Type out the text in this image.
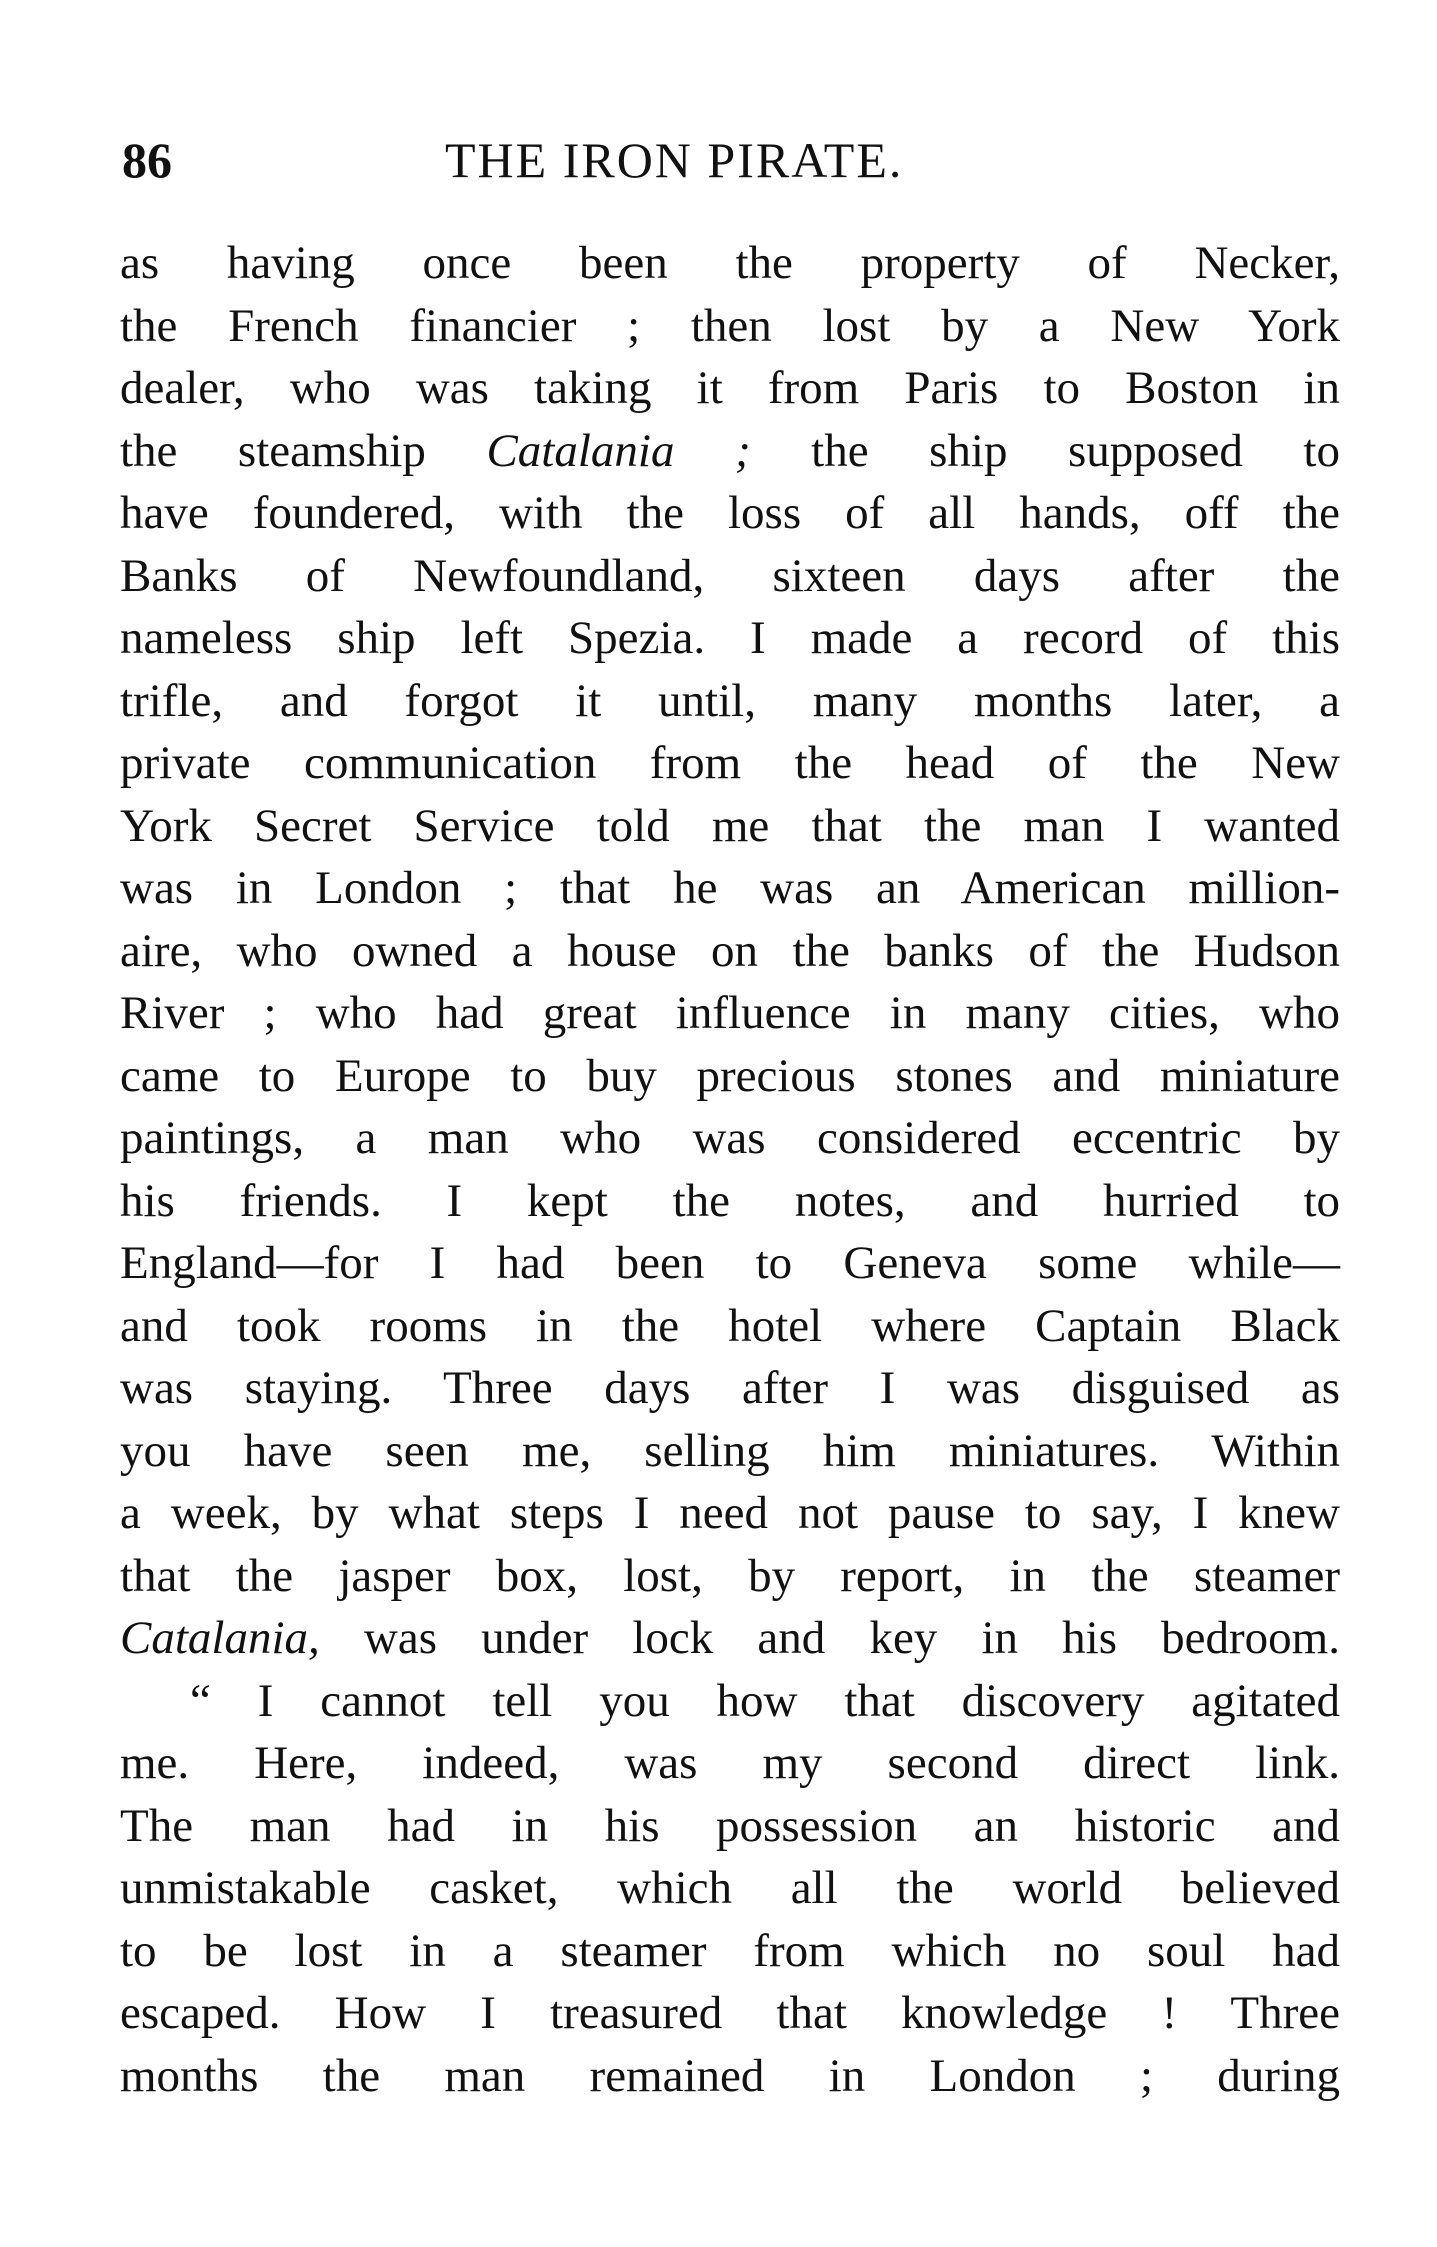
86	THE IRON PIRATE.
as having once been the property of Necker,
the French financier ; then lost by a New York
dealer, who was taking it from Paris to Boston in
the steamship Catalania ; the ship supposed to
have foundered, with the loss of all hands, off the
Banks of Newfoundland, sixteen days after the
nameless ship left Spezia. I made a record of this
trifle, and forgot it until, many months later, a
private communication from the head of the New
York Secret Service told me that the man I wanted
was in London ; that he was an American million-
aire, who owned a house on the banks of the Hudson
River ; who had great influence in many cities, who
came to Europe to buy precious stones and miniature
paintings, a man who was considered eccentric by
his friends. I kept the notes, and hurried to
England—for I had been to Geneva some while—
and took rooms in the hotel where Captain Black
was staying. Three days after I was disguised as
you have seen me, selling him miniatures. Within
a week, by what steps I need not pause to say, I knew
that the jasper box, lost, by report, in the steamer
Catalania, was under lock and key in his bedroom.
“ I cannot tell you how that discovery agitated
me. Here, indeed, was my second direct link.
The man had in his possession an historic and
unmistakable casket, which all the world believed
to be lost in a steamer from which no soul had
escaped. How I treasured that knowledge ! Three
months the man remained in London ; during
